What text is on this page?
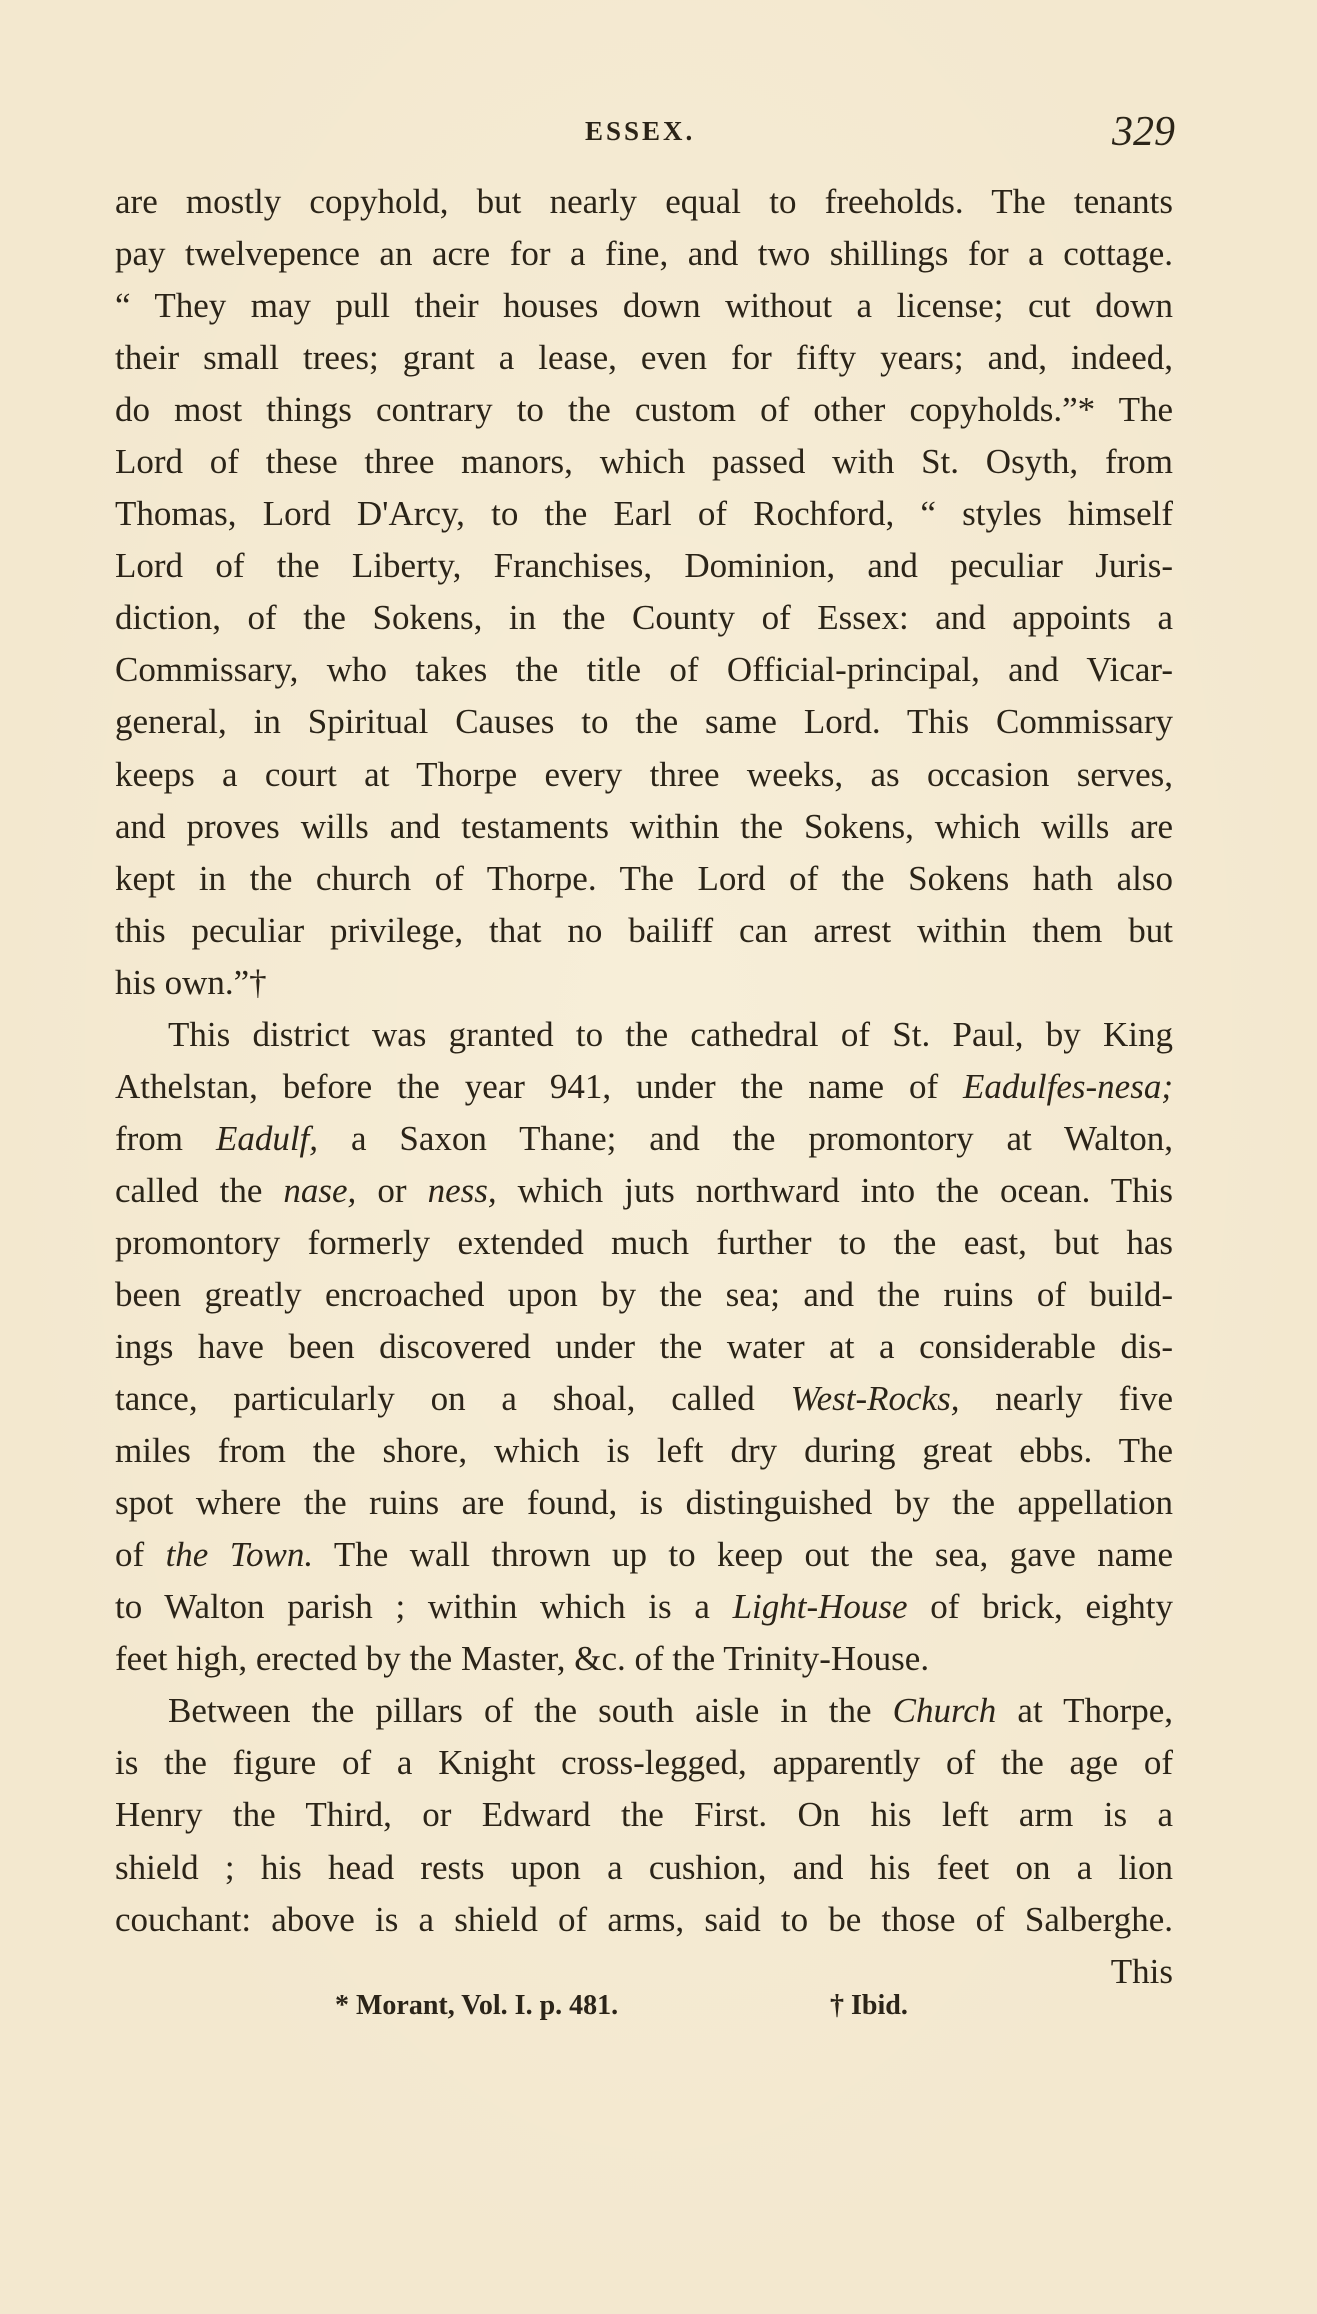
ESSEX.	329
are mostly copyhold, but nearly equal to freeholds. The tenants
pay twelvepence an acre for a fine, and two shillings for a cottage.
“ They may pull their houses down without a license; cut down
their small trees; grant a lease, even for fifty years; and, indeed,
do most things contrary to the custom of other copyholds.”* The
Lord of these three manors, which passed with St. Osyth, from
Thomas, Lord D'Arcy, to the Earl of Rochford, “ styles himself
Lord of the Liberty, Franchises, Dominion, and peculiar Juris-
diction, of the Sokens, in the County of Essex: and appoints a
Commissary, who takes the title of Official-principal, and Vicar-
general, in Spiritual Causes to the same Lord. This Commissary
keeps a court at Thorpe every three weeks, as occasion serves,
and proves wills and testaments within the Sokens, which wills are
kept in the church of Thorpe. The Lord of the Sokens hath also
this peculiar privilege, that no bailiff can arrest within them but
his own.”†
This district was granted to the cathedral of St. Paul, by King
Athelstan, before the year 941, under the name of Eadulfes-nesa;
from Eadulf, a Saxon Thane; and the promontory at Walton,
called the nase, or ness, which juts northward into the ocean. This
promontory formerly extended much further to the east, but has
been greatly encroached upon by the sea; and the ruins of build-
ings have been discovered under the water at a considerable dis-
tance, particularly on a shoal, called West-Rocks, nearly five
miles from the shore, which is left dry during great ebbs. The
spot where the ruins are found, is distinguished by the appellation
of the Town. The wall thrown up to keep out the sea, gave name
to Walton parish ; within which is a Light-House of brick, eighty
feet high, erected by the Master, &c. of the Trinity-House.
Between the pillars of the south aisle in the Church at Thorpe,
is the figure of a Knight cross-legged, apparently of the age of
Henry the Third, or Edward the First. On his left arm is a
shield ; his head rests upon a cushion, and his feet on a lion
couchant: above is a shield of arms, said to be those of Salberghe.
This
* Morant, Vol. I. p. 481.	† Ibid.
